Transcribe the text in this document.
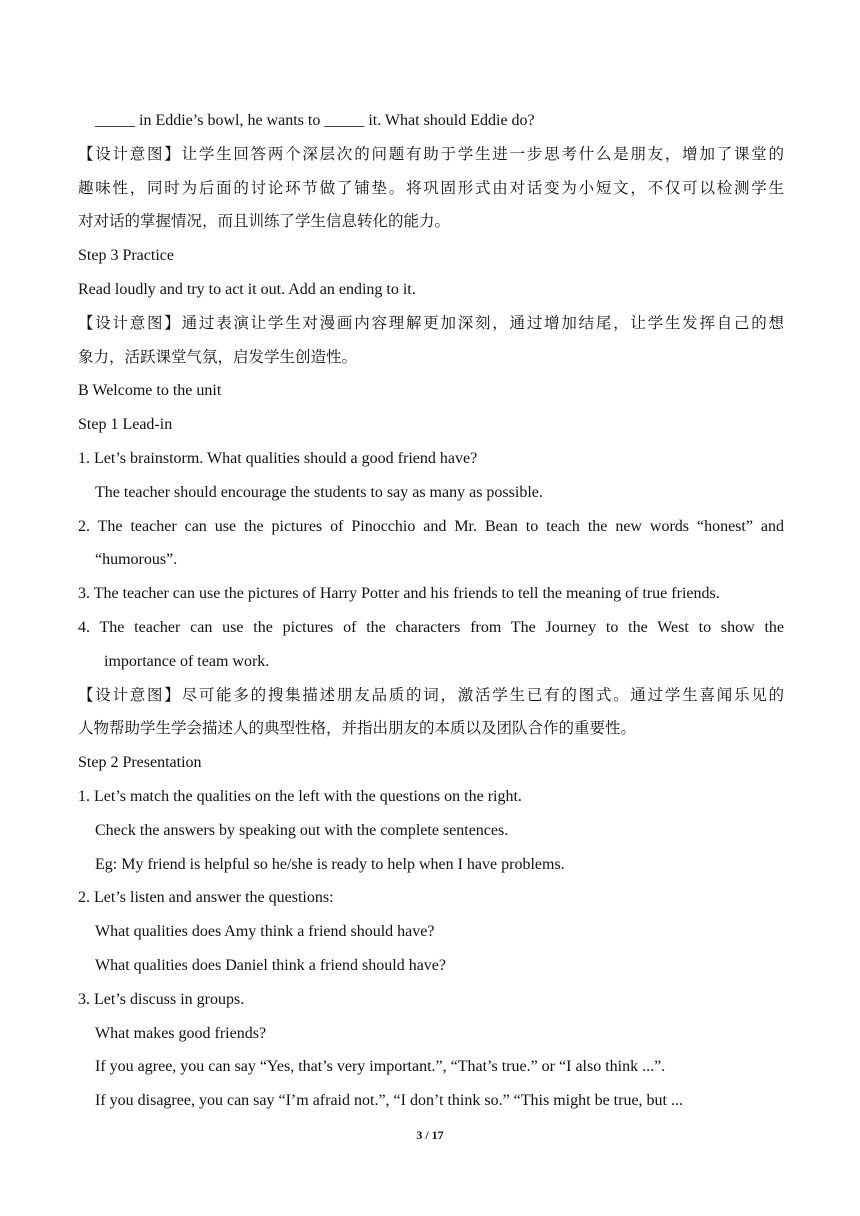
_____ in Eddie’s bowl, he wants to _____ it. What should Eddie do?
【设计意图】让学生回答两个深层次的问题有助于学生进一步思考什么是朋友，增加了课堂的
趣味性，同时为后面的讨论环节做了铺垫。将巩固形式由对话变为小短文，不仅可以检测学生
对对话的掌握情况，而且训练了学生信息转化的能力。
Step 3 Practice
Read loudly and try to act it out. Add an ending to it.
【设计意图】通过表演让学生对漫画内容理解更加深刻，通过增加结尾，让学生发挥自己的想
象力，活跃课堂气氛，启发学生创造性。
B Welcome to the unit
Step 1 Lead-in
1. Let’s brainstorm. What qualities should a good friend have?
The teacher should encourage the students to say as many as possible.
2. The teacher can use the pictures of Pinocchio and Mr. Bean to teach the new words “honest” and
“humorous”.
3. The teacher can use the pictures of Harry Potter and his friends to tell the meaning of true friends.
4. The teacher can use the pictures of the characters from The Journey to the West to show the
importance of team work.
【设计意图】尽可能多的搜集描述朋友品质的词，激活学生已有的图式。通过学生喜闻乐见的
人物帮助学生学会描述人的典型性格，并指出朋友的本质以及团队合作的重要性。
Step 2 Presentation
1. Let’s match the qualities on the left with the questions on the right.
Check the answers by speaking out with the complete sentences.
Eg: My friend is helpful so he/she is ready to help when I have problems.
2. Let’s listen and answer the questions:
What qualities does Amy think a friend should have?
What qualities does Daniel think a friend should have?
3. Let’s discuss in groups.
What makes good friends?
If you agree, you can say “Yes, that’s very important.”, “That’s true.” or “I also think ...”.
If you disagree, you can say “I’m afraid not.”, “I don’t think so.” “This might be true, but ...
3 / 17
